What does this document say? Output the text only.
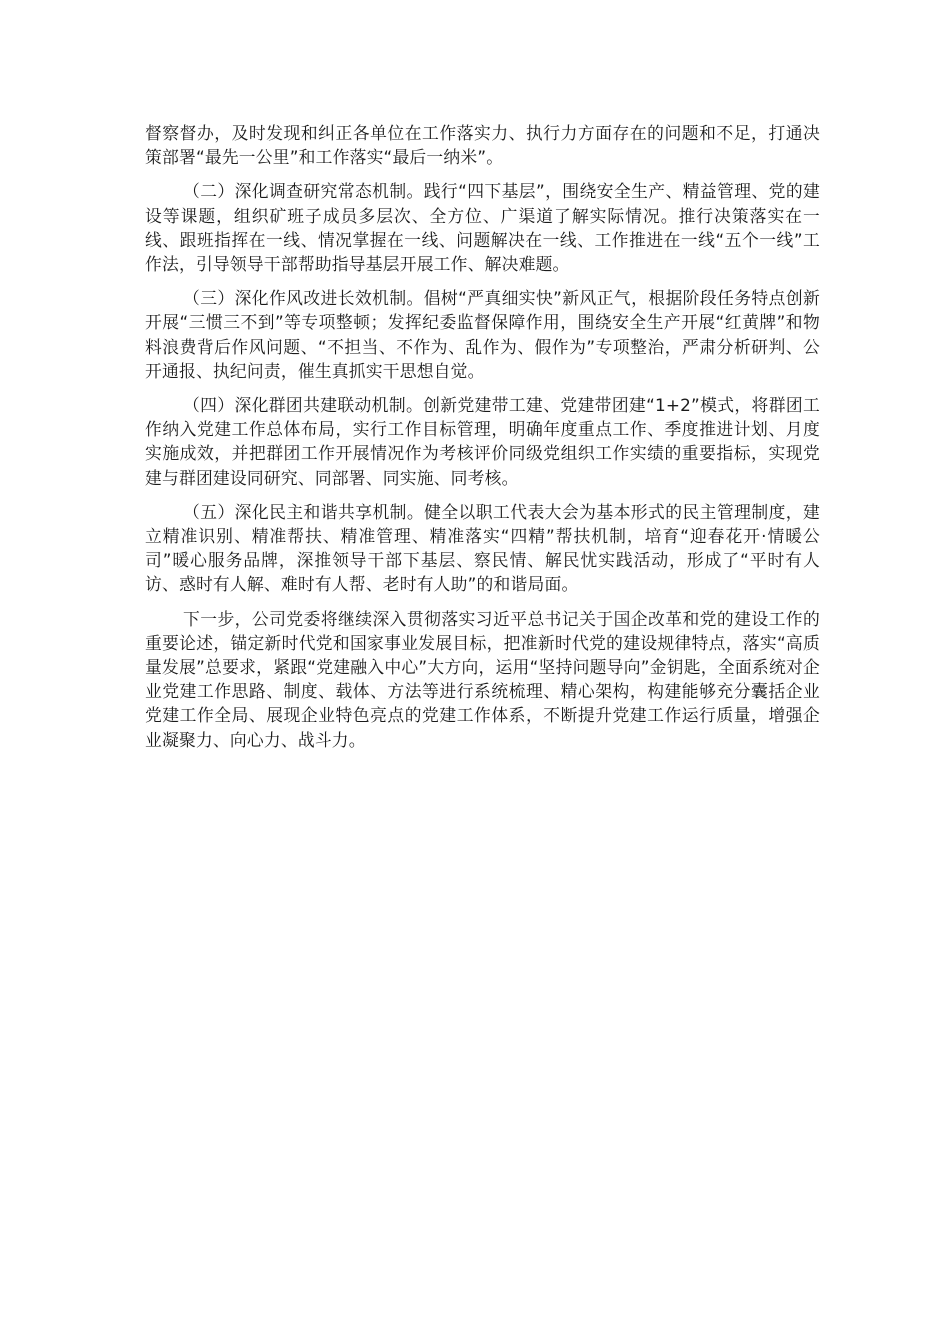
督察督办，及时发现和纠正各单位在工作落实力、执行力方面存在的问题和不足，打通决策部署“最先一公里”和工作落实“最后一纳米”。

（二）深化调查研究常态机制。践行“四下基层”，围绕安全生产、精益管理、党的建设等课题，组织矿班子成员多层次、全方位、广渠道了解实际情况。推行决策落实在一线、跟班指挥在一线、情况掌握在一线、问题解决在一线、工作推进在一线“五个一线”工作法，引导领导干部帮助指导基层开展工作、解决难题。

（三）深化作风改进长效机制。倡树“严真细实快”新风正气，根据阶段任务特点创新开展“三惯三不到”等专项整顿；发挥纪委监督保障作用，围绕安全生产开展“红黄牌”和物料浪费背后作风问题、“不担当、不作为、乱作为、假作为”专项整治，严肃分析研判、公开通报、执纪问责，催生真抓实干思想自觉。

（四）深化群团共建联动机制。创新党建带工建、党建带团建“1+2”模式，将群团工作纳入党建工作总体布局，实行工作目标管理，明确年度重点工作、季度推进计划、月度实施成效，并把群团工作开展情况作为考核评价同级党组织工作实绩的重要指标，实现党建与群团建设同研究、同部署、同实施、同考核。

（五）深化民主和谐共享机制。健全以职工代表大会为基本形式的民主管理制度，建立精准识别、精准帮扶、精准管理、精准落实“四精”帮扶机制，培育“迎春花开·情暖公司”暖心服务品牌，深推领导干部下基层、察民情、解民忧实践活动，形成了“平时有人访、惑时有人解、难时有人帮、老时有人助”的和谐局面。

下一步，公司党委将继续深入贯彻落实习近平总书记关于国企改革和党的建设工作的重要论述，锚定新时代党和国家事业发展目标，把准新时代党的建设规律特点，落实“高质量发展”总要求，紧跟“党建融入中心”大方向，运用“坚持问题导向”金钥匙，全面系统对企业党建工作思路、制度、载体、方法等进行系统梳理、精心架构，构建能够充分囊括企业党建工作全局、展现企业特色亮点的党建工作体系，不断提升党建工作运行质量，增强企业凝聚力、向心力、战斗力。
